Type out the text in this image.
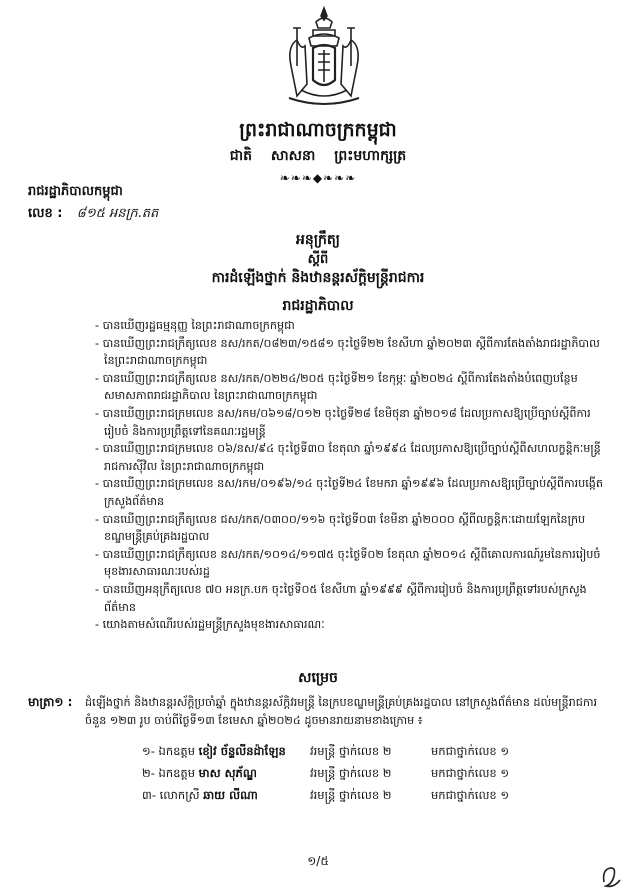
ព្រះរាជាណាចក្រកម្ពុជា
ជាតិ សាសនា ព្រះមហាក្សត្រ
❧❧❧◆❧❧❧
រាជរដ្ឋាភិបាលកម្ពុជា
លេខ : ៨១៥ អនក្រ.តត
អនុក្រឹត្យ
ស្តីពី
ការដំឡើងថ្នាក់ និងឋានន្តរស័ក្តិមន្ត្រីរាជការ
រាជរដ្ឋាភិបាល
- បានឃើញរដ្ឋធម្មនុញ្ញ នៃព្រះរាជាណាចក្រកម្ពុជា
- បានឃើញព្រះរាជក្រឹត្យលេខ នស/រកត/០៨២៣/១៥៨១ ចុះថ្ងៃទី២២ ខែសីហា ឆ្នាំ២០២៣ ស្ដីពីការតែងតាំងរាជរដ្ឋាភិបាល នៃព្រះរាជាណាចក្រកម្ពុជា
- បានឃើញព្រះរាជក្រឹត្យលេខ នស/រកត/០២២៤/២០៥ ចុះថ្ងៃទី២១ ខែកុម្ភៈ ឆ្នាំ២០២៤ ស្ដីពីការតែងតាំងបំពេញបន្ថែមសមាសភាពរាជរដ្ឋាភិបាល នៃព្រះរាជាណាចក្រកម្ពុជា
- បានឃើញព្រះរាជក្រមលេខ នស/រកម/០៦១៨/០១២ ចុះថ្ងៃទី២៨ ខែមិថុនា ឆ្នាំ២០១៨ ដែលប្រកាសឱ្យប្រើច្បាប់ស្ដីពីការរៀបចំ និងការប្រព្រឹត្តទៅនៃគណៈរដ្ឋមន្ត្រី
- បានឃើញព្រះរាជក្រមលេខ ០៦/នស/៩៤ ចុះថ្ងៃទី៣០ ខែតុលា ឆ្នាំ១៩៩៤ ដែលប្រកាសឱ្យប្រើច្បាប់ស្ដីពីសហលក្ខន្តិកៈមន្ត្រីរាជការស៊ីវិល នៃព្រះរាជាណាចក្រកម្ពុជា
- បានឃើញព្រះរាជក្រមលេខ នស/រកម/០១៩៦/១៤ ចុះថ្ងៃទី២៤ ខែមករា ឆ្នាំ១៩៩៦ ដែលប្រកាសឱ្យប្រើច្បាប់ស្ដីពីការបង្កើតក្រសួងព័ត៌មាន
- បានឃើញព្រះរាជក្រឹត្យលេខ ជស/រកត/០៣០០/១១៦ ចុះថ្ងៃទី០៣ ខែមីនា ឆ្នាំ២០០០ ស្ដីពីលក្ខន្តិកៈដោយឡែកនៃក្របខណ្ឌមន្ត្រីគ្រប់គ្រងរដ្ឋបាល
- បានឃើញព្រះរាជក្រឹត្យលេខ នស/រកត/១០១៤/១១៧៥ ចុះថ្ងៃទី០២ ខែតុលា ឆ្នាំ២០១៤ ស្ដីពីគោលការណ៍រួមនៃការរៀបចំមុខងារសាធារណៈរបស់រដ្ឋ
- បានឃើញអនុក្រឹត្យលេខ ៧០ អនក្រ.បក ចុះថ្ងៃទី០៥ ខែសីហា ឆ្នាំ១៩៩៩ ស្ដីពីការរៀបចំ និងការប្រព្រឹត្តទៅរបស់ក្រសួងព័ត៌មាន
- យោងតាមសំណើរបស់រដ្ឋមន្ត្រីក្រសួងមុខងារសាធារណៈ
សម្រេច
មាត្រា១ : ដំឡើងថ្នាក់ និងឋានន្តរស័ក្តិប្រចាំឆ្នាំ ក្នុងឋានន្តរស័ក្តិវរមន្ត្រី នៃក្របខណ្ឌមន្ត្រីគ្រប់គ្រងរដ្ឋបាល នៅក្រសួងព័ត៌មាន ដល់មន្ត្រីរាជការចំនួន ១២៣ រូប ចាប់ពីថ្ងៃទី១៣ ខែមេសា ឆ្នាំ២០២៤ ដូចមានរាយនាមខាងក្រោម ៖
១- ឯកឧត្តម ខៀវ ច័ន្ទលីនដ៉ាឡែន	វរមន្ត្រី ថ្នាក់លេខ ២	មកជាថ្នាក់លេខ ១
២- ឯកឧត្តម មាស សុភ័ណ្ឌ	វរមន្ត្រី ថ្នាក់លេខ ២	មកជាថ្នាក់លេខ ១
៣- លោកស្រី ឆាយ លីណា	វរមន្ត្រី ថ្នាក់លេខ ២	មកជាថ្នាក់លេខ ១
១/៥
